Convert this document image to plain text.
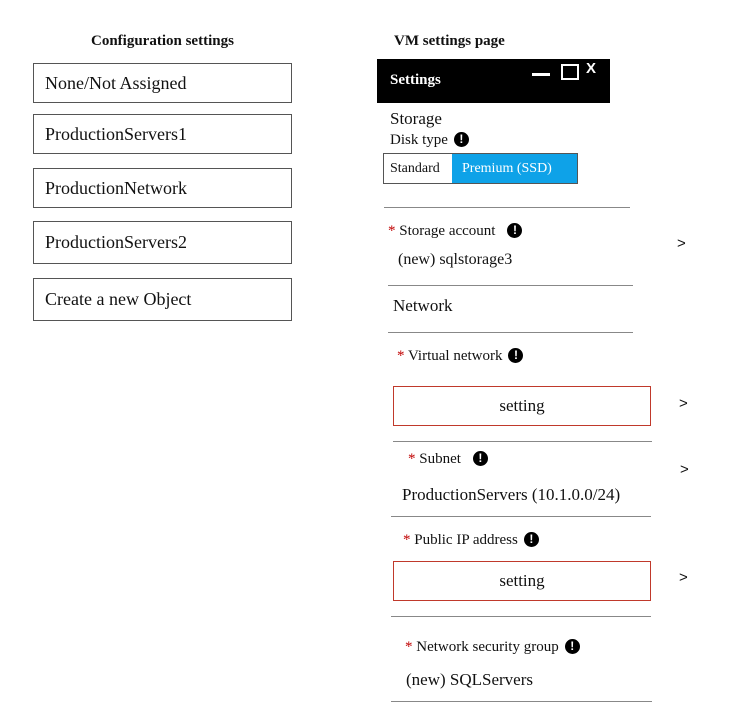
Configuration settings
None/Not Assigned
ProductionServers1
ProductionNetwork
ProductionServers2
Create a new Object
VM settings page
Settings
X
Storage
Disk type !
Standard	Premium (SSD)
* Storage account !
(new) sqlstorage3
>
Network
* Virtual network !
setting	>
* Subnet !
ProductionServers (10.1.0.0/24)
>
* Public IP address !
setting	>
* Network security group !
(new) SQLServers
